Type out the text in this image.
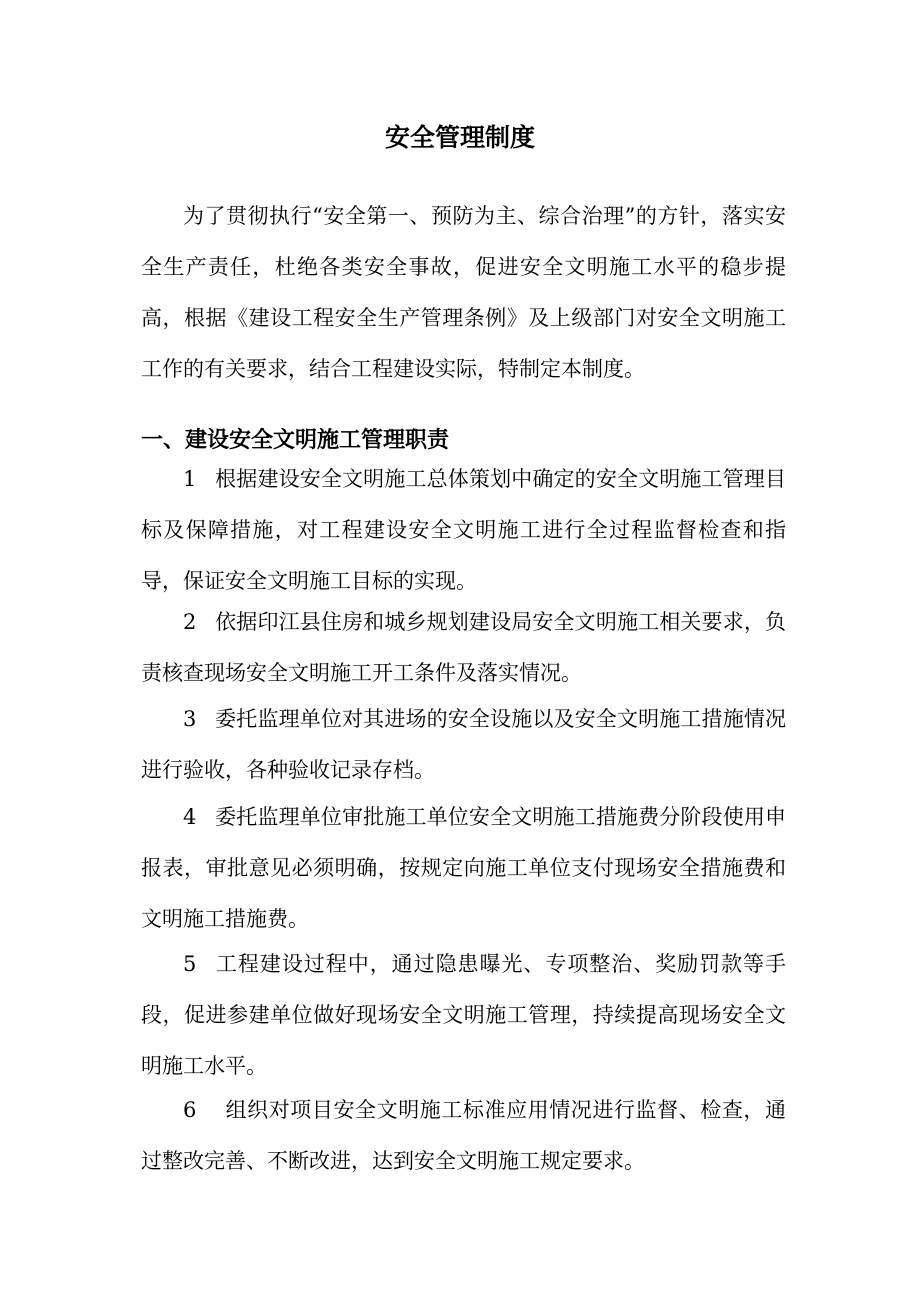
安全管理制度

为了贯彻执行“安全第一、预防为主、综合治理”的方针，落实安全生产责任，杜绝各类安全事故，促进安全文明施工水平的稳步提高，根据《建设工程安全生产管理条例》及上级部门对安全文明施工工作的有关要求，结合工程建设实际，特制定本制度。

一、建设安全文明施工管理职责

1 根据建设安全文明施工总体策划中确定的安全文明施工管理目标及保障措施，对工程建设安全文明施工进行全过程监督检查和指导，保证安全文明施工目标的实现。

2 依据印江县住房和城乡规划建设局安全文明施工相关要求，负责核查现场安全文明施工开工条件及落实情况。

3 委托监理单位对其进场的安全设施以及安全文明施工措施情况进行验收，各种验收记录存档。

4 委托监理单位审批施工单位安全文明施工措施费分阶段使用申报表，审批意见必须明确，按规定向施工单位支付现场安全措施费和文明施工措施费。

5 工程建设过程中，通过隐患曝光、专项整治、奖励罚款等手段，促进参建单位做好现场安全文明施工管理，持续提高现场安全文明施工水平。

6 组织对项目安全文明施工标准应用情况进行监督、检查，通过整改完善、不断改进，达到安全文明施工规定要求。
